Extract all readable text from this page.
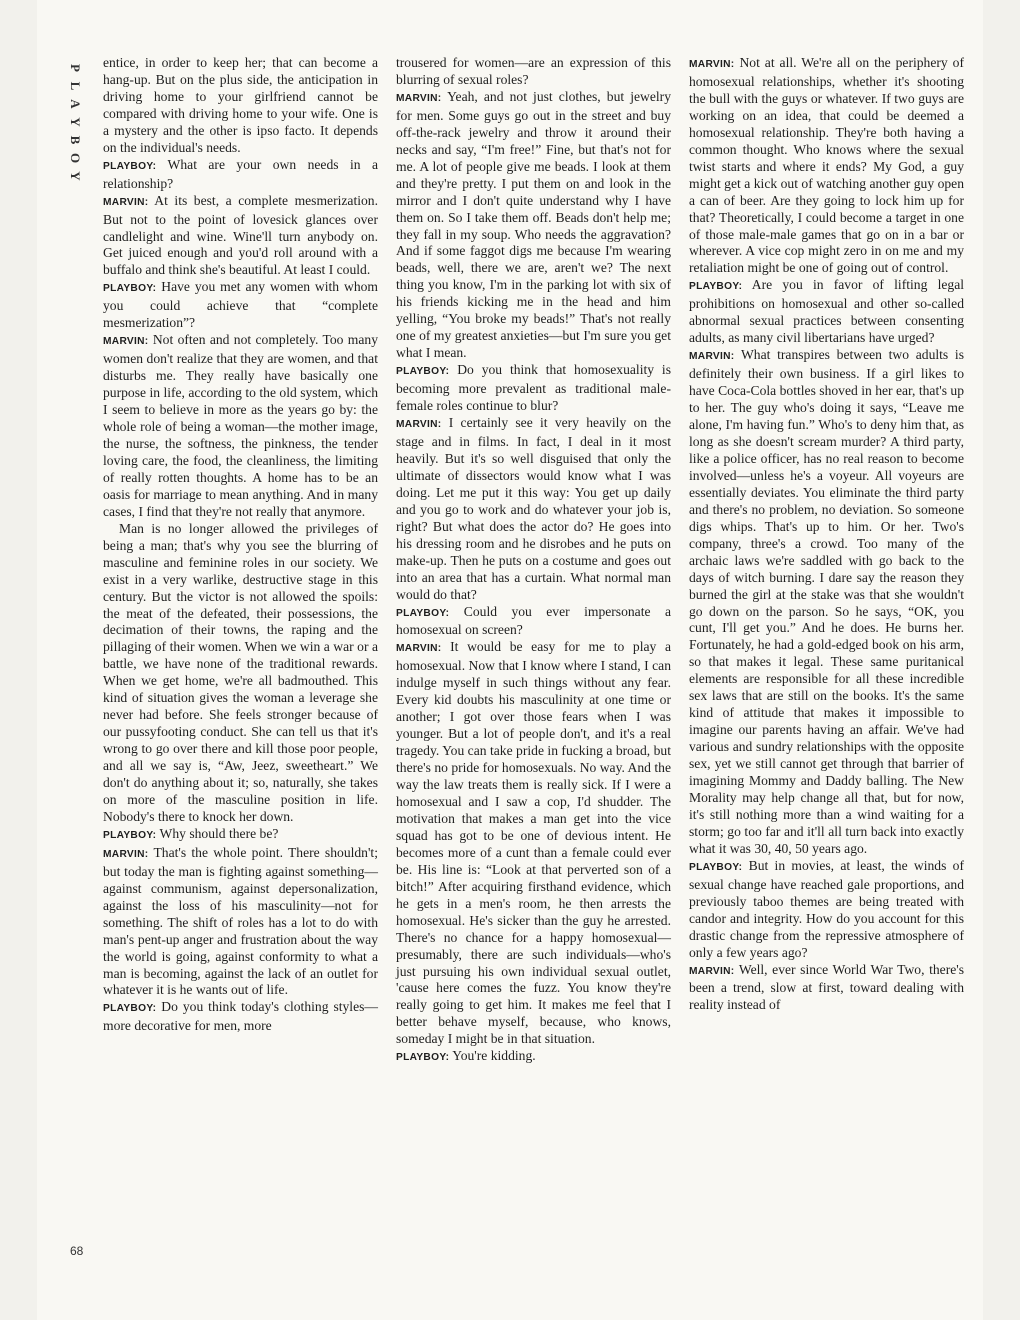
P
L
A
Y
B
O
Y

entice, in order to keep her; that can become a hang-up. But on the plus side, the anticipation in driving home to your girlfriend cannot be compared with driving home to your wife. One is a mystery and the other is ipso facto. It depends on the individual's needs.

PLAYBOY: What are your own needs in a relationship?

MARVIN: At its best, a complete mesmerization. But not to the point of lovesick glances over candlelight and wine. Wine'll turn anybody on. Get juiced enough and you'd roll around with a buffalo and think she's beautiful. At least I could.

PLAYBOY: Have you met any women with whom you could achieve that “complete mesmerization”?

MARVIN: Not often and not completely. Too many women don't realize that they are women, and that disturbs me. They really have basically one purpose in life, according to the old system, which I seem to believe in more as the years go by: the whole role of being a woman—the mother image, the nurse, the softness, the pinkness, the tender loving care, the food, the cleanliness, the limiting of really rotten thoughts. A home has to be an oasis for marriage to mean anything. And in many cases, I find that they're not really that anymore.

Man is no longer allowed the privileges of being a man; that's why you see the blurring of masculine and feminine roles in our society. We exist in a very warlike, destructive stage in this century. But the victor is not allowed the spoils: the meat of the defeated, their possessions, the decimation of their towns, the raping and the pillaging of their women. When we win a war or a battle, we have none of the traditional rewards. When we get home, we're all badmouthed. This kind of situation gives the woman a leverage she never had before. She feels stronger because of our pussyfooting conduct. She can tell us that it's wrong to go over there and kill those poor people, and all we say is, “Aw, Jeez, sweetheart.” We don't do anything about it; so, naturally, she takes on more of the masculine position in life. Nobody's there to knock her down.

PLAYBOY: Why should there be?

MARVIN: That's the whole point. There shouldn't; but today the man is fighting against something—against communism, against depersonalization, against the loss of his masculinity—not for something. The shift of roles has a lot to do with man's pent-up anger and frustration about the way the world is going, against conformity to what a man is becoming, against the lack of an outlet for whatever it is he wants out of life.

PLAYBOY: Do you think today's clothing styles—more decorative for men, more

trousered for women—are an expression of this blurring of sexual roles?

MARVIN: Yeah, and not just clothes, but jewelry for men. Some guys go out in the street and buy off-the-rack jewelry and throw it around their necks and say, “I'm free!” Fine, but that's not for me. A lot of people give me beads. I look at them and they're pretty. I put them on and look in the mirror and I don't quite understand why I have them on. So I take them off. Beads don't help me; they fall in my soup. Who needs the aggravation? And if some faggot digs me because I'm wearing beads, well, there we are, aren't we? The next thing you know, I'm in the parking lot with six of his friends kicking me in the head and him yelling, “You broke my beads!” That's not really one of my greatest anxieties—but I'm sure you get what I mean.

PLAYBOY: Do you think that homosexuality is becoming more prevalent as traditional male-female roles continue to blur?

MARVIN: I certainly see it very heavily on the stage and in films. In fact, I deal in it most heavily. But it's so well disguised that only the ultimate of dissectors would know what I was doing. Let me put it this way: You get up daily and you go to work and do whatever your job is, right? But what does the actor do? He goes into his dressing room and he disrobes and he puts on make-up. Then he puts on a costume and goes out into an area that has a curtain. What normal man would do that?

PLAYBOY: Could you ever impersonate a homosexual on screen?

MARVIN: It would be easy for me to play a homosexual. Now that I know where I stand, I can indulge myself in such things without any fear. Every kid doubts his masculinity at one time or another; I got over those fears when I was younger. But a lot of people don't, and it's a real tragedy. You can take pride in fucking a broad, but there's no pride for homosexuals. No way. And the way the law treats them is really sick. If I were a homosexual and I saw a cop, I'd shudder. The motivation that makes a man get into the vice squad has got to be one of devious intent. He becomes more of a cunt than a female could ever be. His line is: “Look at that perverted son of a bitch!” After acquiring firsthand evidence, which he gets in a men's room, he then arrests the homosexual. He's sicker than the guy he arrested. There's no chance for a happy homosexual—presumably, there are such individuals—who's just pursuing his own individual sexual outlet, 'cause here comes the fuzz. You know they're really going to get him. It makes me feel that I better behave myself, because, who knows, someday I might be in that situation.

PLAYBOY: You're kidding.

MARVIN: Not at all. We're all on the periphery of homosexual relationships, whether it's shooting the bull with the guys or whatever. If two guys are working on an idea, that could be deemed a homosexual relationship. They're both having a common thought. Who knows where the sexual twist starts and where it ends? My God, a guy might get a kick out of watching another guy open a can of beer. Are they going to lock him up for that? Theoretically, I could become a target in one of those male-male games that go on in a bar or wherever. A vice cop might zero in on me and my retaliation might be one of going out of control.

PLAYBOY: Are you in favor of lifting legal prohibitions on homosexual and other so-called abnormal sexual practices between consenting adults, as many civil libertarians have urged?

MARVIN: What transpires between two adults is definitely their own business. If a girl likes to have Coca-Cola bottles shoved in her ear, that's up to her. The guy who's doing it says, “Leave me alone, I'm having fun.” Who's to deny him that, as long as she doesn't scream murder? A third party, like a police officer, has no real reason to become involved—unless he's a voyeur. All voyeurs are essentially deviates. You eliminate the third party and there's no problem, no deviation. So someone digs whips. That's up to him. Or her. Two's company, three's a crowd. Too many of the archaic laws we're saddled with go back to the days of witch burning. I dare say the reason they burned the girl at the stake was that she wouldn't go down on the parson. So he says, “OK, you cunt, I'll get you.” And he does. He burns her. Fortunately, he had a gold-edged book on his arm, so that makes it legal. These same puritanical elements are responsible for all these incredible sex laws that are still on the books. It's the same kind of attitude that makes it impossible to imagine our parents having an affair. We've had various and sundry relationships with the opposite sex, yet we still cannot get through that barrier of imagining Mommy and Daddy balling. The New Morality may help change all that, but for now, it's still nothing more than a wind waiting for a storm; go too far and it'll all turn back into exactly what it was 30, 40, 50 years ago.

PLAYBOY: But in movies, at least, the winds of sexual change have reached gale proportions, and previously taboo themes are being treated with candor and integrity. How do you account for this drastic change from the repressive atmosphere of only a few years ago?

MARVIN: Well, ever since World War Two, there's been a trend, slow at first, toward dealing with reality instead of

68
